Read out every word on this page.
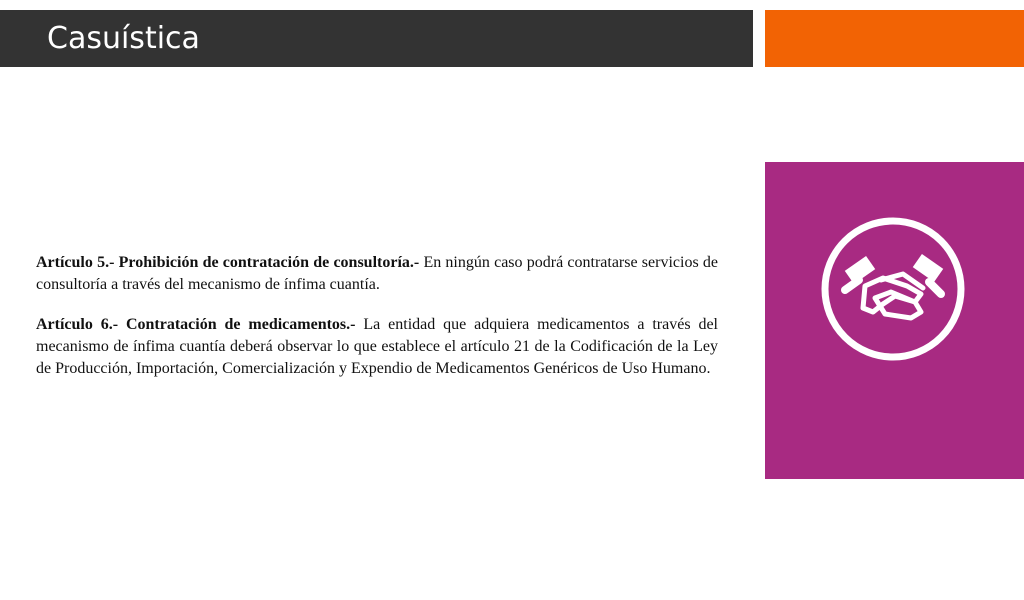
Casuística

Artículo 5.- Prohibición de contratación de consultoría.- En ningún caso podrá contratarse servicios de consultoría a través del mecanismo de ínfima cuantía.

Artículo 6.- Contratación de medicamentos.- La entidad que adquiera medicamentos a través del mecanismo de ínfima cuantía deberá observar lo que establece el artículo 21 de la Codificación de la Ley de Producción, Importación, Comercialización y Expendio de Medicamentos Genéricos de Uso Humano.

CONTRATACIÓN DIRECTA
